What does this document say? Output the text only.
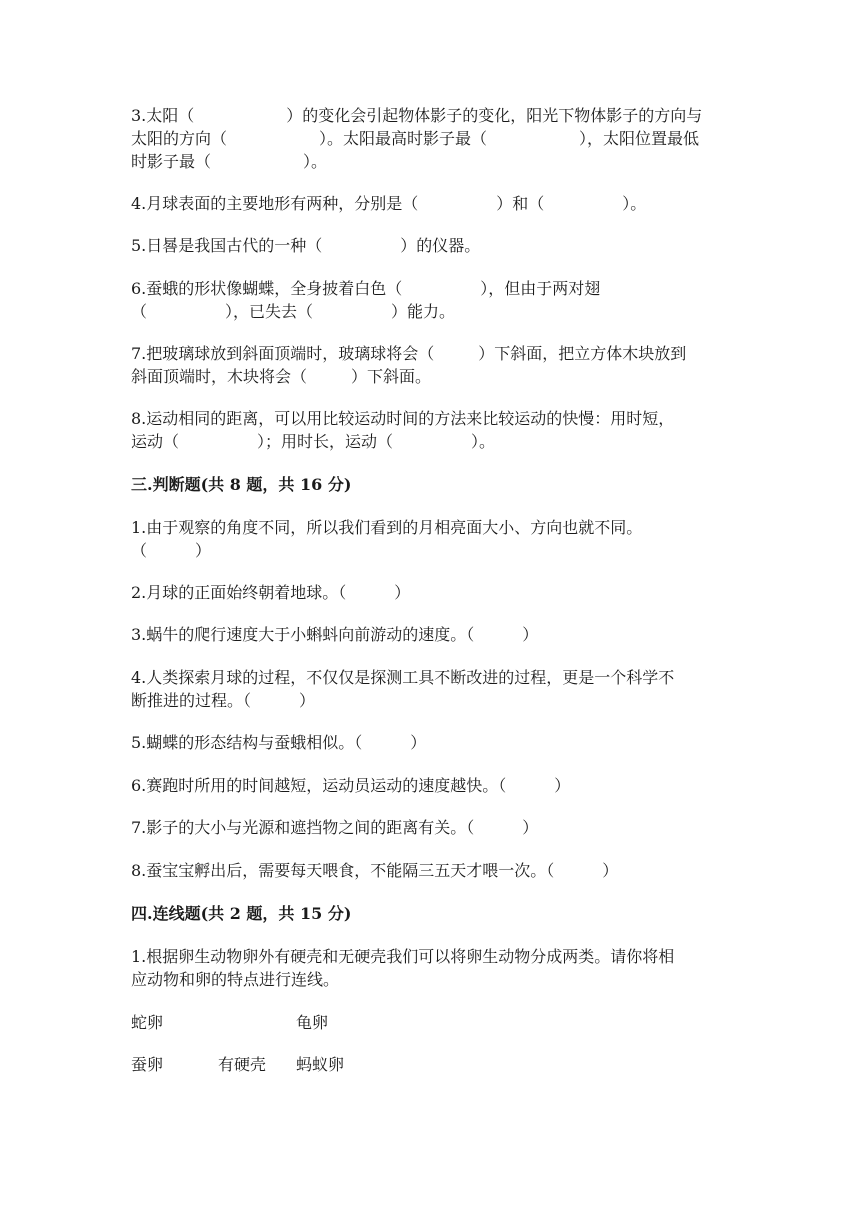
3.太阳（	）的变化会引起物体影子的变化，阳光下物体影子的方向与
太阳的方向（	）。太阳最高时影子最（	），太阳位置最低
时影子最（	）。
4.月球表面的主要地形有两种，分别是（	）和（	）。
5.日晷是我国古代的一种（	）的仪器。
6.蚕蛾的形状像蝴蝶，全身披着白色（	），但由于两对翅
（	），已失去（	）能力。
7.把玻璃球放到斜面顶端时，玻璃球将会（	）下斜面，把立方体木块放到
斜面顶端时，木块将会（	）下斜面。
8.运动相同的距离，可以用比较运动时间的方法来比较运动的快慢：用时短，
运动（	）；用时长，运动（	）。
三.判断题(共 8 题，共 16 分)
1.由于观察的角度不同，所以我们看到的月相亮面大小、方向也就不同。
（　　　）
2.月球的正面始终朝着地球。（　　　）
3.蜗牛的爬行速度大于小蝌蚪向前游动的速度。（　　　）
4.人类探索月球的过程，不仅仅是探测工具不断改进的过程，更是一个科学不
断推进的过程。（　　　）
5.蝴蝶的形态结构与蚕蛾相似。（　　　）
6.赛跑时所用的时间越短，运动员运动的速度越快。（　　　）
7.影子的大小与光源和遮挡物之间的距离有关。（　　　）
8.蚕宝宝孵出后，需要每天喂食，不能隔三五天才喂一次。（　　　）
四.连线题(共 2 题，共 15 分)
1.根据卵生动物卵外有硬壳和无硬壳我们可以将卵生动物分成两类。请你将相
应动物和卵的特点进行连线。
蛇卵	龟卵
蚕卵	有硬壳 蚂蚁卵
